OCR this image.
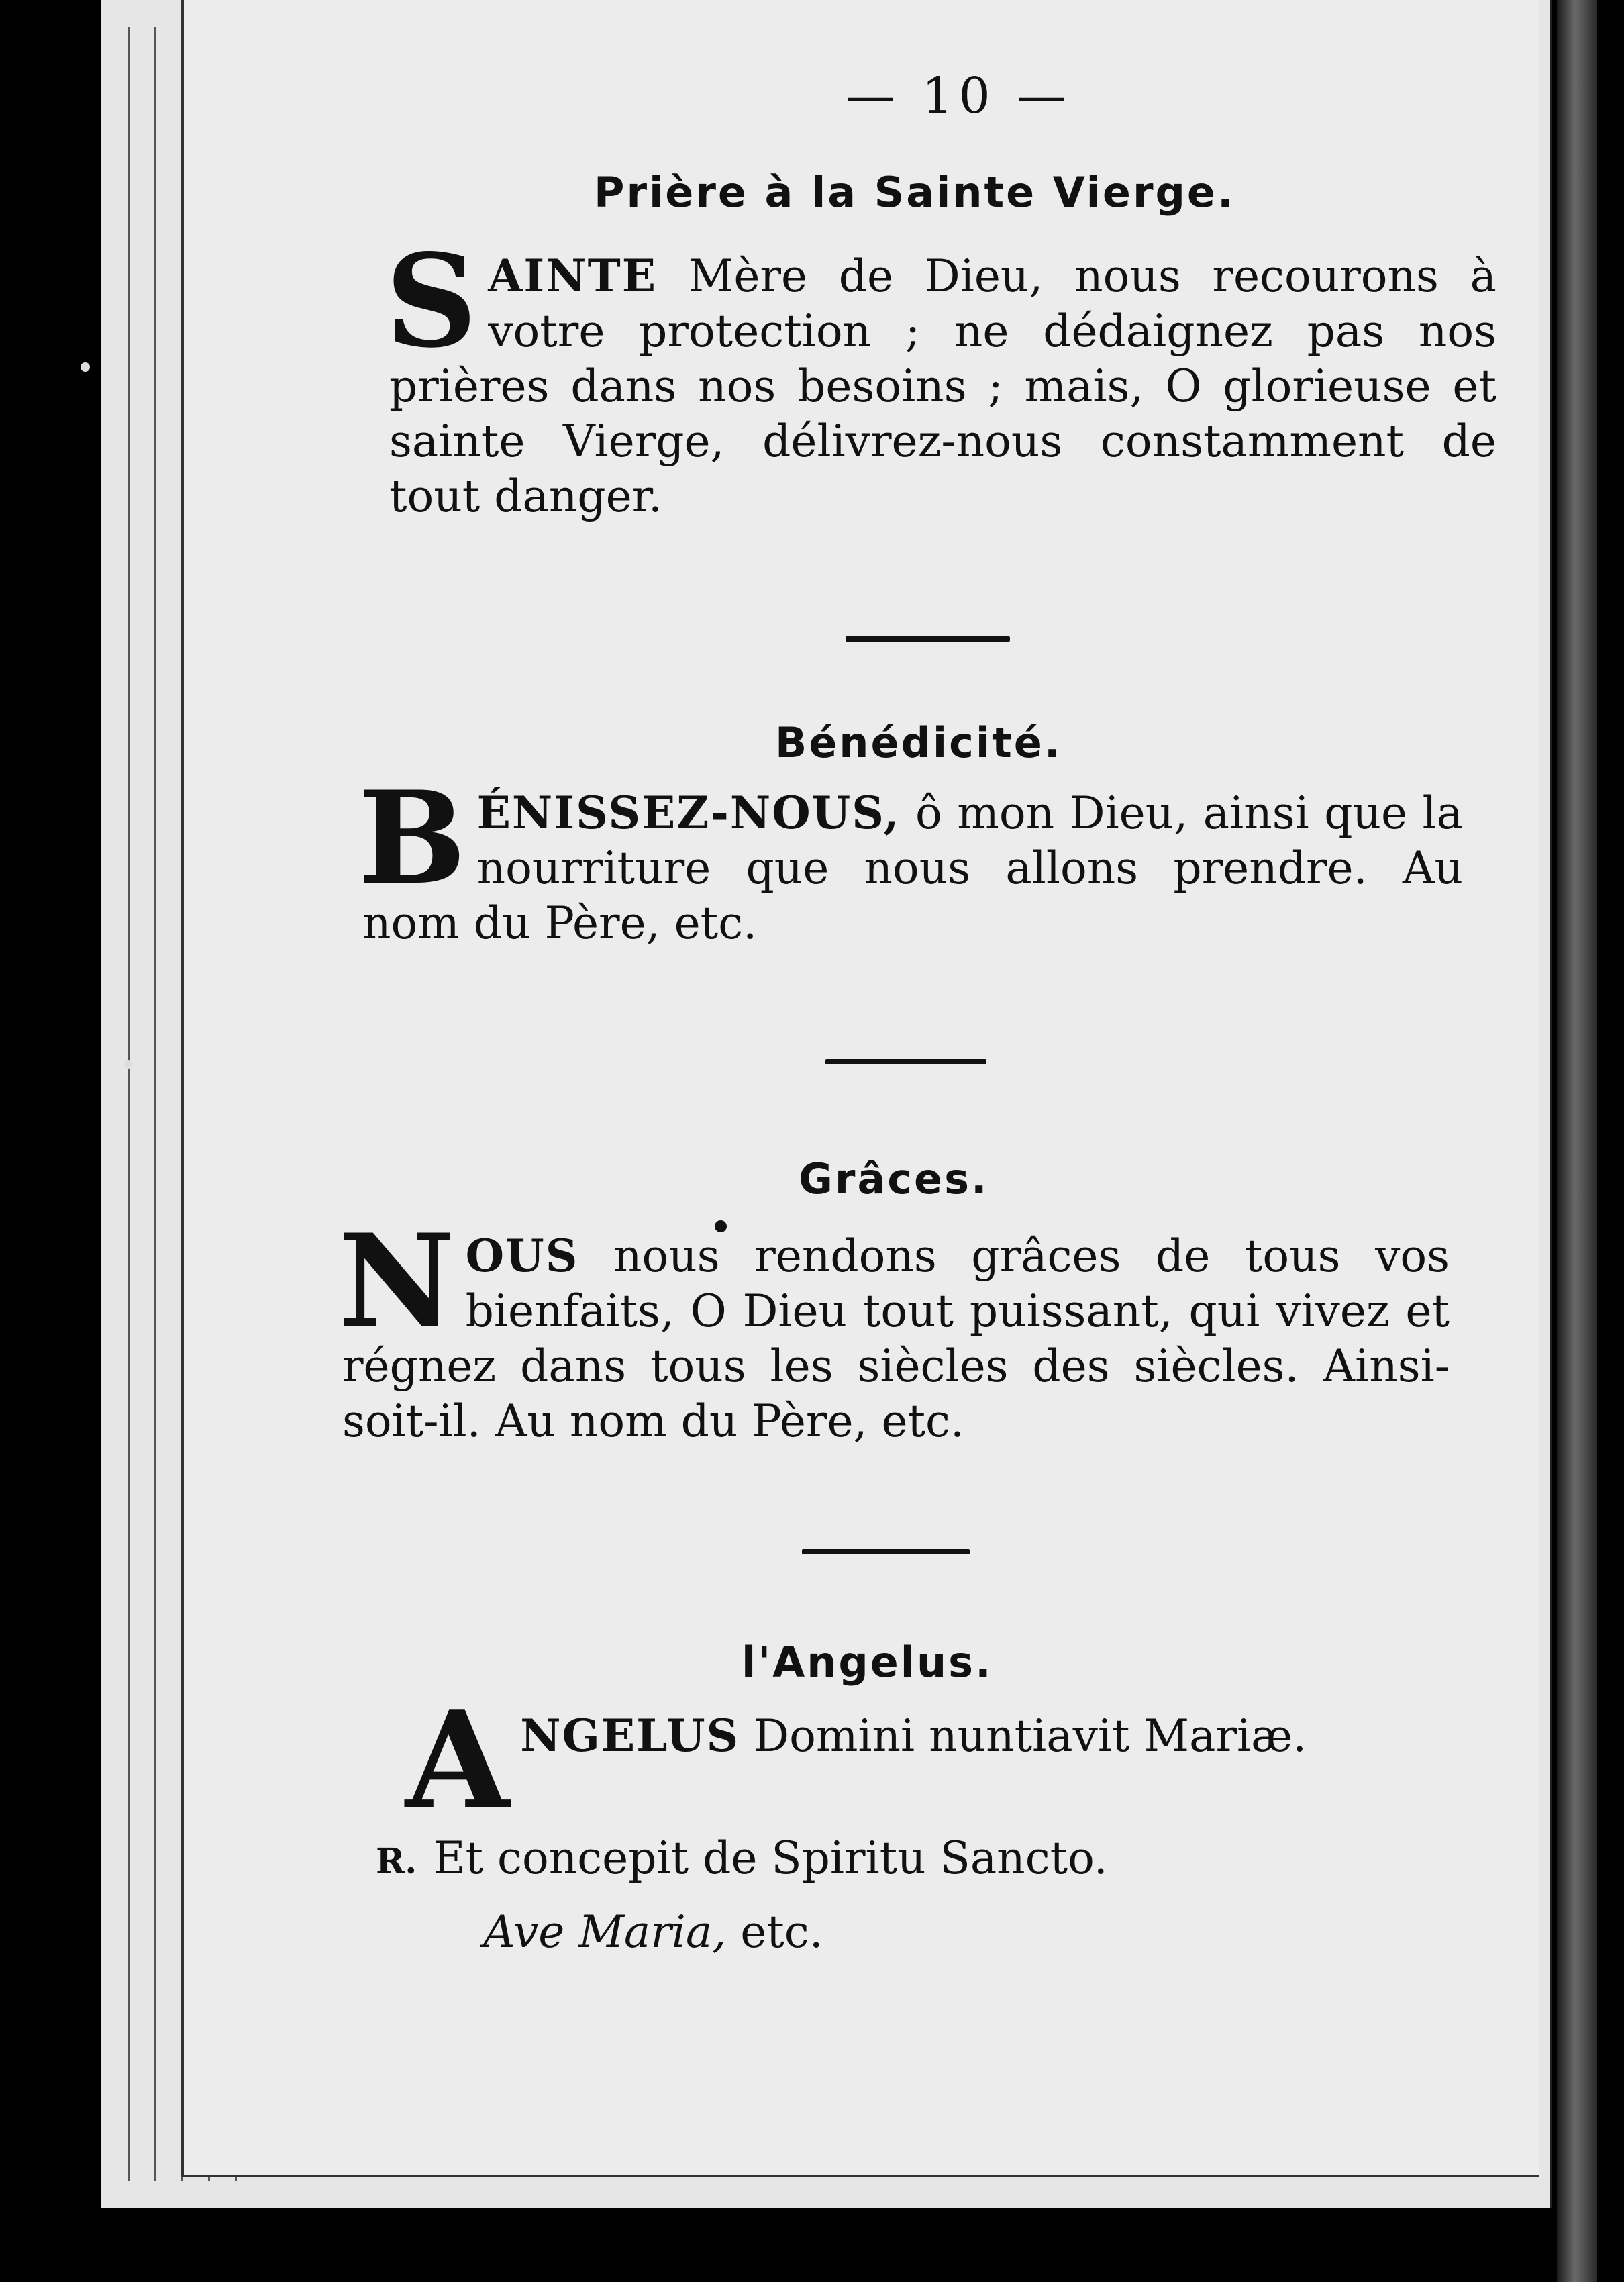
— 10 —
Prière à la Sainte Vierge.
SAINTE Mère de Dieu, nous recourons à votre protection ; ne dédaignez pas nos prières dans nos besoins ; mais, O glorieuse et sainte Vierge, délivrez-nous constamment de tout danger.
Bénédicité.
BÉNISSEZ-NOUS, ô mon Dieu, ainsi que la nourriture que nous allons prendre. Au nom du Père, etc.
Grâces.
NOUS nous rendons grâces de tous vos bienfaits, O Dieu tout puissant, qui vivez et régnez dans tous les siècles des siècles. Ainsi-soit-il. Au nom du Père, etc.
l'Angelus.
ANGELUS Domini nuntiavit Mariæ.
R. Et concepit de Spiritu Sancto.
Ave Maria, etc.
